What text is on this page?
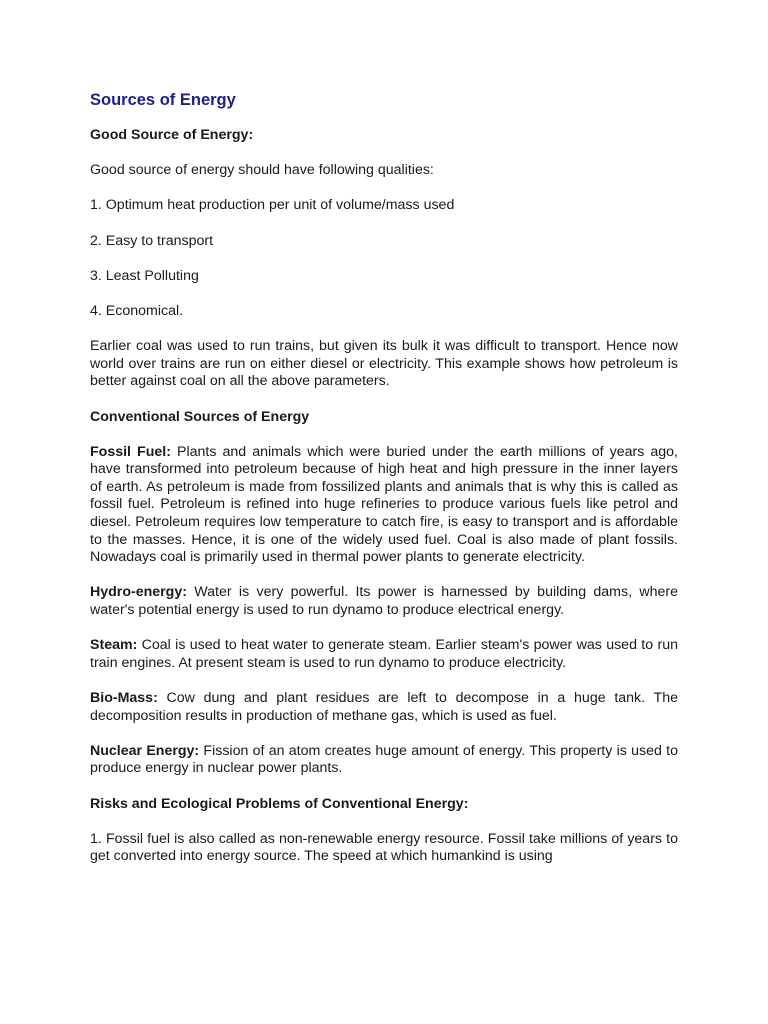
Sources of Energy
Good Source of Energy:

Good source of energy should have following qualities:

1. Optimum heat production per unit of volume/mass used

2. Easy to transport

3. Least Polluting

4. Economical.

Earlier coal was used to run trains, but given its bulk it was difficult to transport. Hence now world over trains are run on either diesel or electricity. This example shows how petroleum is better against coal on all the above parameters.

Conventional Sources of Energy

Fossil Fuel: Plants and animals which were buried under the earth millions of years ago, have transformed into petroleum because of high heat and high pressure in the inner layers of earth. As petroleum is made from fossilized plants and animals that is why this is called as fossil fuel. Petroleum is refined into huge refineries to produce various fuels like petrol and diesel. Petroleum requires low temperature to catch fire, is easy to transport and is affordable to the masses. Hence, it is one of the widely used fuel. Coal is also made of plant fossils. Nowadays coal is primarily used in thermal power plants to generate electricity.

Hydro-energy: Water is very powerful. Its power is harnessed by building dams, where water's potential energy is used to run dynamo to produce electrical energy.

Steam: Coal is used to heat water to generate steam. Earlier steam's power was used to run train engines. At present steam is used to run dynamo to produce electricity.

Bio-Mass: Cow dung and plant residues are left to decompose in a huge tank. The decomposition results in production of methane gas, which is used as fuel.

Nuclear Energy: Fission of an atom creates huge amount of energy. This property is used to produce energy in nuclear power plants.

Risks and Ecological Problems of Conventional Energy:

1. Fossil fuel is also called as non-renewable energy resource. Fossil take millions of years to get converted into energy source. The speed at which humankind is using
